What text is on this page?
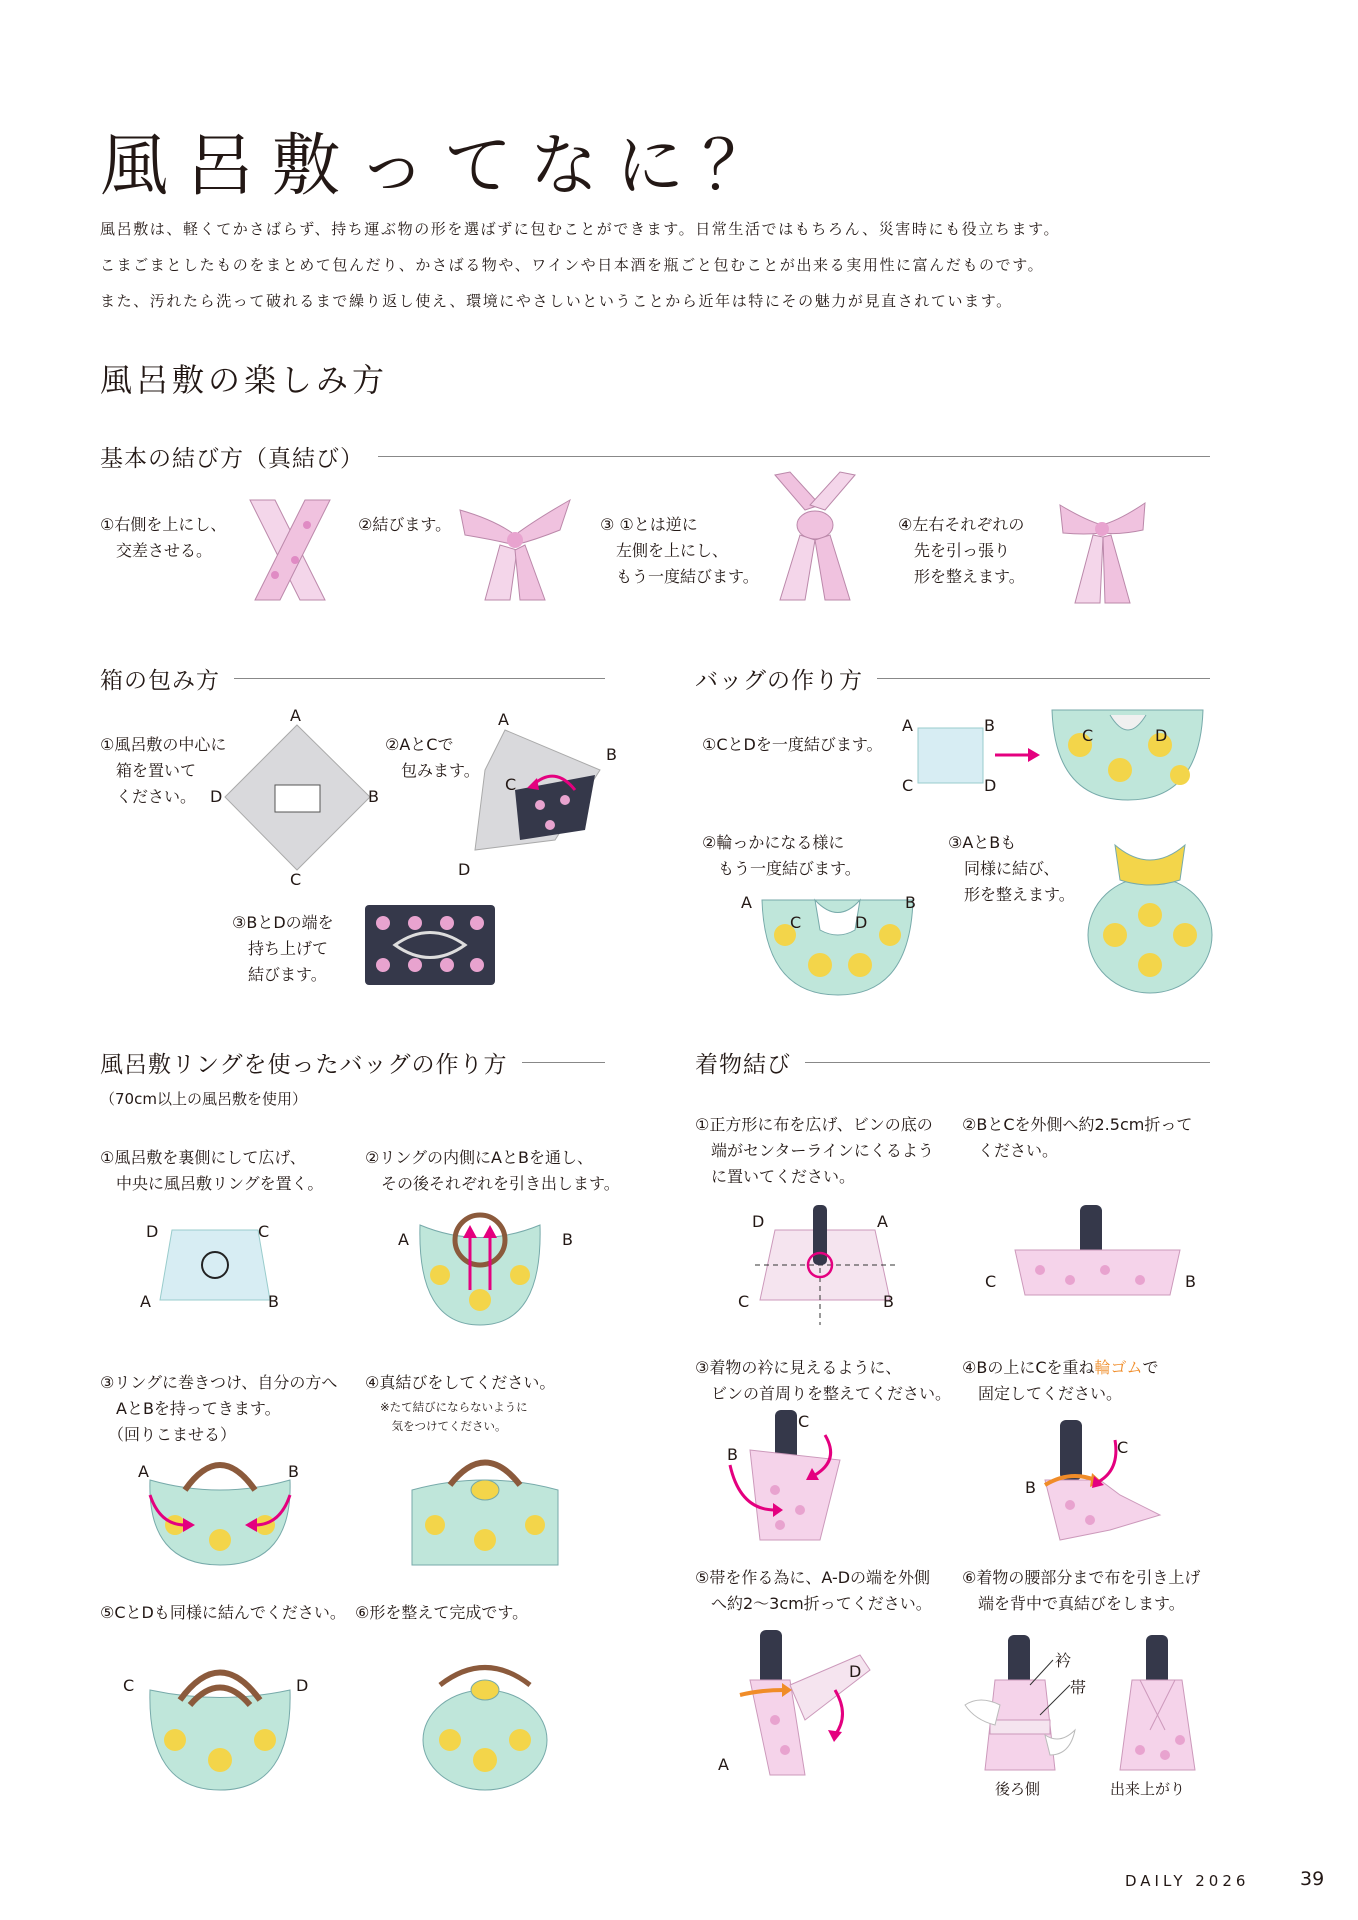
風呂敷ってなに？
風呂敷は、軽くてかさばらず、持ち運ぶ物の形を選ばずに包むことができます。日常生活ではもちろん、災害時にも役立ちます。
こまごまとしたものをまとめて包んだり、かさばる物や、ワインや日本酒を瓶ごと包むことが出来る実用性に富んだものです。
また、汚れたら洗って破れるまで繰り返し使え、環境にやさしいということから近年は特にその魅力が見直されています。
風呂敷の楽しみ方
基本の結び方（真結び）
①右側を上にし、
　交差させる。
②結びます。	③ ①とは逆に
　左側を上にし、
　もう一度結びます。
④左右それぞれの
　先を引っ張り
　形を整えます。
箱の包み方
①風呂敷の中心に
　箱を置いて
　ください。
②AとCで
　包みます。
③BとDの端を
　持ち上げて
　結びます。
A
B
C
D
A
B
C
D
バッグの作り方
①CとDを一度結びます。
②輪っかになる様に
　もう一度結びます。
③AとBも
　同様に結び、
　形を整えます。
A	B
C	D
C	D
A	B
C	D
風呂敷リングを使ったバッグの作り方
（70cm以上の風呂敷を使用）
①風呂敷を裏側にして広げ、
　中央に風呂敷リングを置く。
②リングの内側にAとBを通し、
　その後それぞれを引き出します。
③リングに巻きつけ、自分の方へ
　AとBを持ってきます。
　（回りこませる）
④真結びをしてください。
※たて結びにならないように
　気をつけてください。
⑤CとDも同様に結んでください。 ⑥形を整えて完成です。
D	C
A	B
A	B
A	B
C	D
着物結び
①正方形に布を広げ、ビンの底の
　端がセンターラインにくるよう
　に置いてください。
②BとCを外側へ約2.5cm折って
　ください。
③着物の衿に見えるように、
　ビンの首周りを整えてください。
④Bの上にCを重ね輪ゴムで
　固定してください。
⑤帯を作る為に、A-Dの端を外側
　へ約2～3cm折ってください。
⑥着物の腰部分まで布を引き上げ
　端を背中で真結びをします。
D	A
C	B
C	B
B
C
B
C
A
D
衿
帯
後ろ側	出来上がり
DAILY 2026	39
